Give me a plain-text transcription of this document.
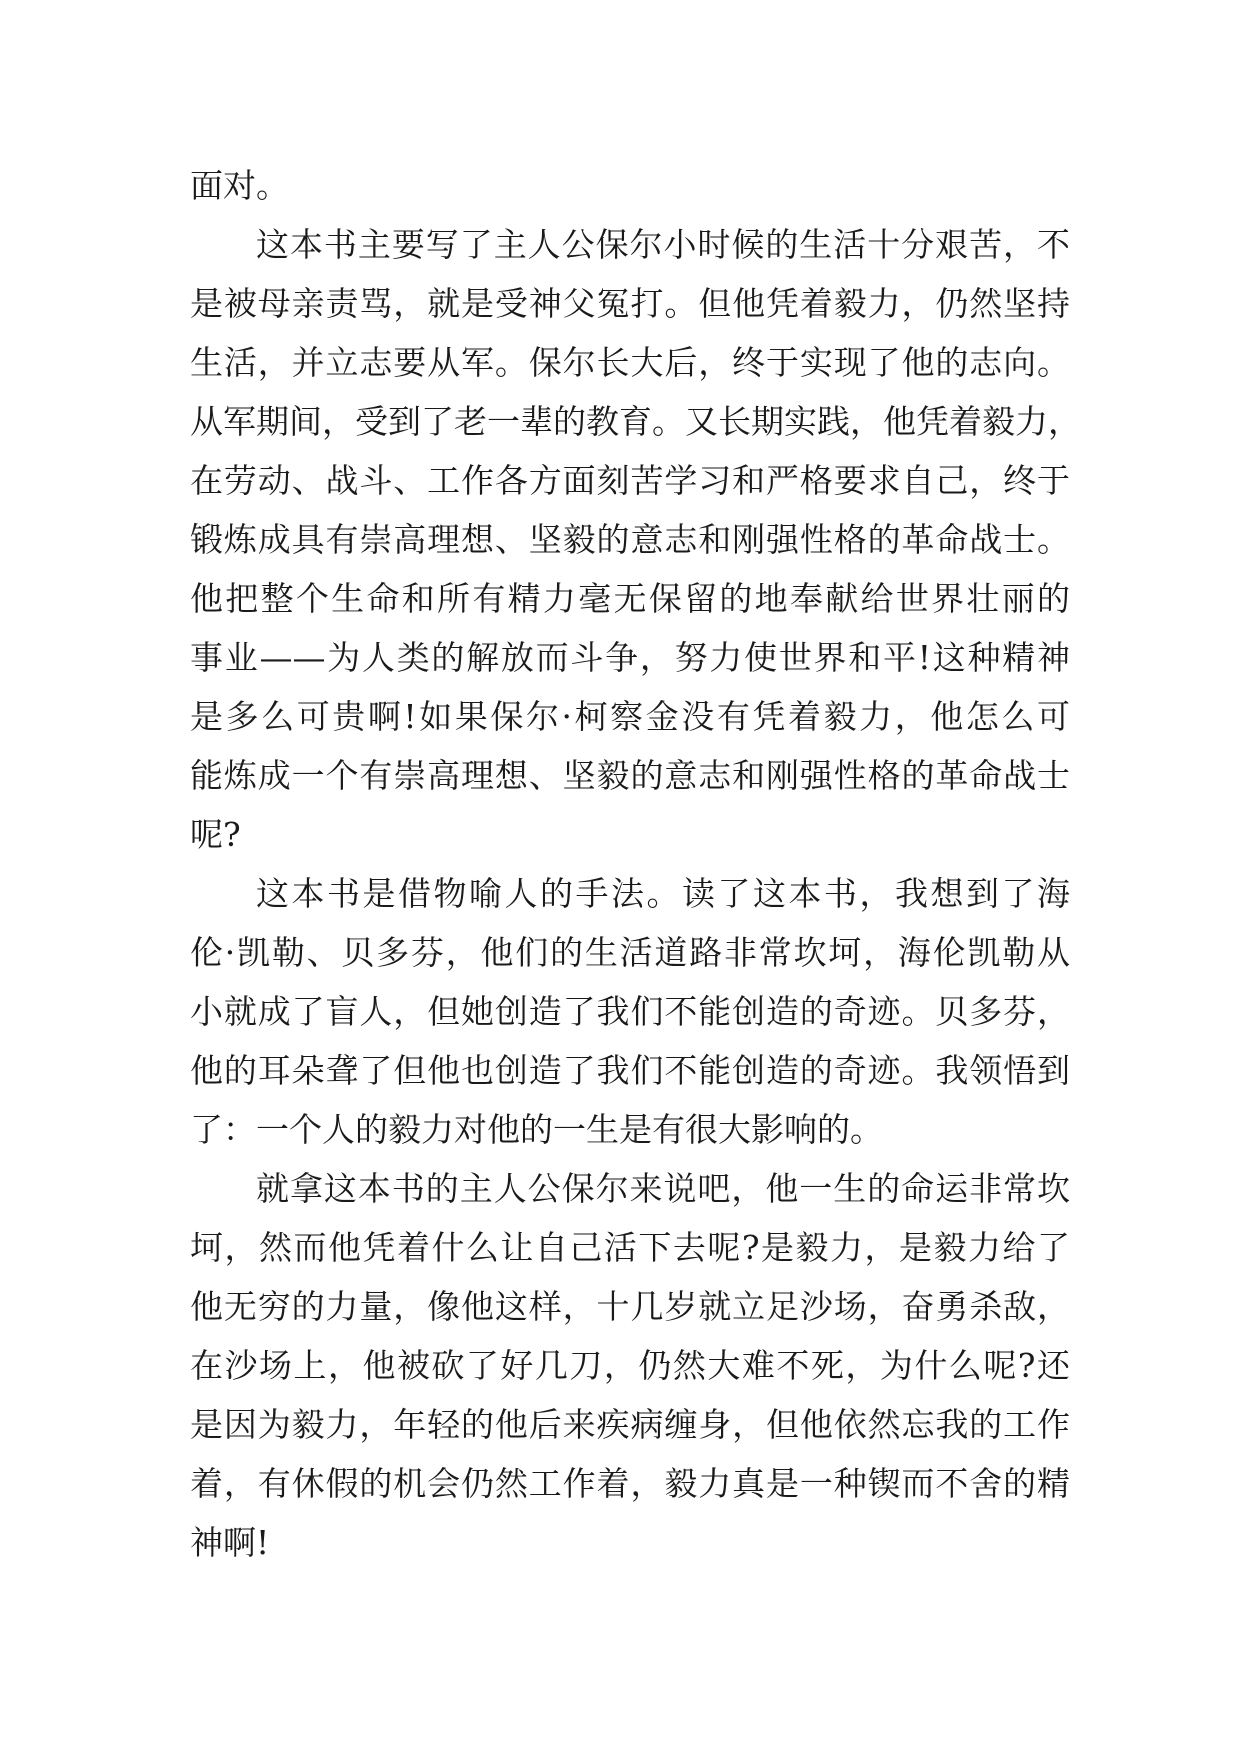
面对。
这本书主要写了主人公保尔小时候的生活十分艰苦，不
是被母亲责骂，就是受神父冤打。但他凭着毅力，仍然坚持
生活，并立志要从军。保尔长大后，终于实现了他的志向。
从军期间，受到了老一辈的教育。又长期实践，他凭着毅力，
在劳动、战斗、工作各方面刻苦学习和严格要求自己，终于
锻炼成具有崇高理想、坚毅的意志和刚强性格的革命战士。
他把整个生命和所有精力毫无保留的地奉献给世界壮丽的
事业——为人类的解放而斗争，努力使世界和平!这种精神
是多么可贵啊!如果保尔·柯察金没有凭着毅力，他怎么可
能炼成一个有崇高理想、坚毅的意志和刚强性格的革命战士
呢?
这本书是借物喻人的手法。读了这本书，我想到了海
伦·凯勒、贝多芬，他们的生活道路非常坎坷，海伦凯勒从
小就成了盲人，但她创造了我们不能创造的奇迹。贝多芬，
他的耳朵聋了但他也创造了我们不能创造的奇迹。我领悟到
了：一个人的毅力对他的一生是有很大影响的。
就拿这本书的主人公保尔来说吧，他一生的命运非常坎
坷，然而他凭着什么让自己活下去呢?是毅力，是毅力给了
他无穷的力量，像他这样，十几岁就立足沙场，奋勇杀敌，
在沙场上，他被砍了好几刀，仍然大难不死，为什么呢?还
是因为毅力，年轻的他后来疾病缠身，但他依然忘我的工作
着，有休假的机会仍然工作着，毅力真是一种锲而不舍的精
神啊!
